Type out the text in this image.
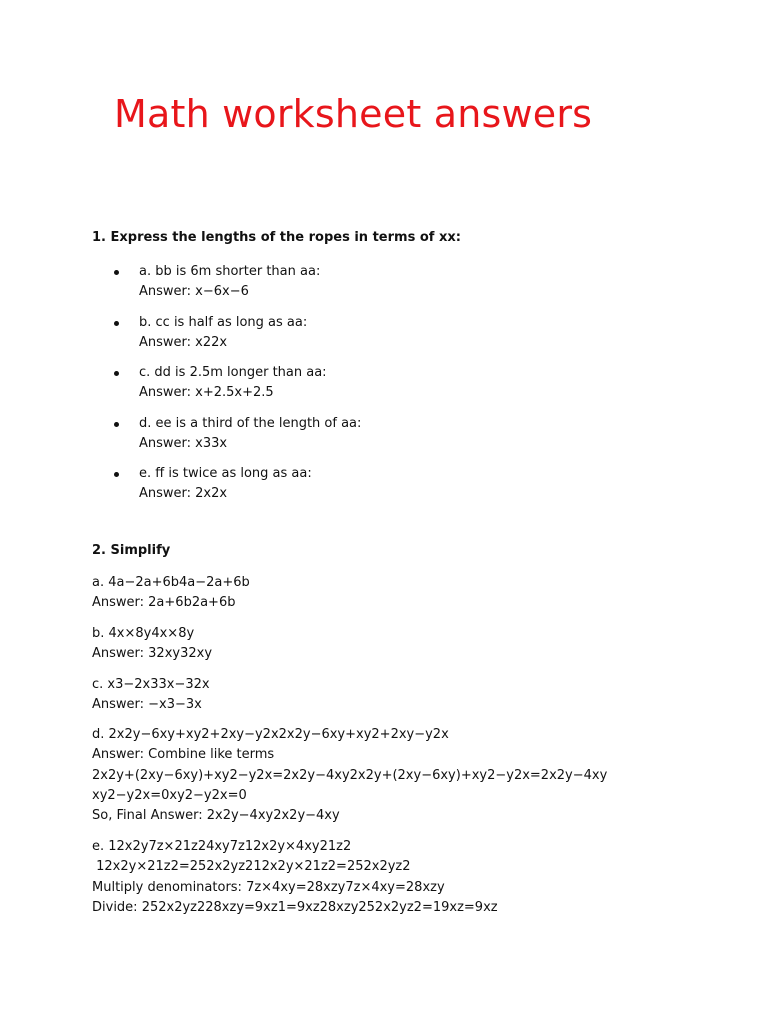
Math worksheet answers
1. Express the lengths of the ropes in terms of xx:
a. bb is 6m shorter than aa:
Answer: x−6x−6
b. cc is half as long as aa:
Answer: x22x
c. dd is 2.5m longer than aa:
Answer: x+2.5x+2.5
d. ee is a third of the length of aa:
Answer: x33x
e. ff is twice as long as aa:
Answer: 2x2x
2. Simplify
a. 4a−2a+6b4a−2a+6b
Answer: 2a+6b2a+6b
b. 4x×8y4x×8y
Answer: 32xy32xy
c. x3−2x33x−32x
Answer: −x3−3x
d. 2x2y−6xy+xy2+2xy−y2x2x2y−6xy+xy2+2xy−y2x
Answer: Combine like terms
2x2y+(2xy−6xy)+xy2−y2x=2x2y−4xy2x2y+(2xy−6xy)+xy2−y2x=2x2y−4xy
xy2−y2x=0xy2−y2x=0
So, Final Answer: 2x2y−4xy2x2y−4xy
e. 12x2y7z×21z24xy7z12x2y×4xy21z2
12x2y×21z2=252x2yz212x2y×21z2=252x2yz2
Multiply denominators: 7z×4xy=28xzy7z×4xy=28xzy
Divide: 252x2yz228xzy=9xz1=9xz28xzy252x2yz2=19xz=9xz
